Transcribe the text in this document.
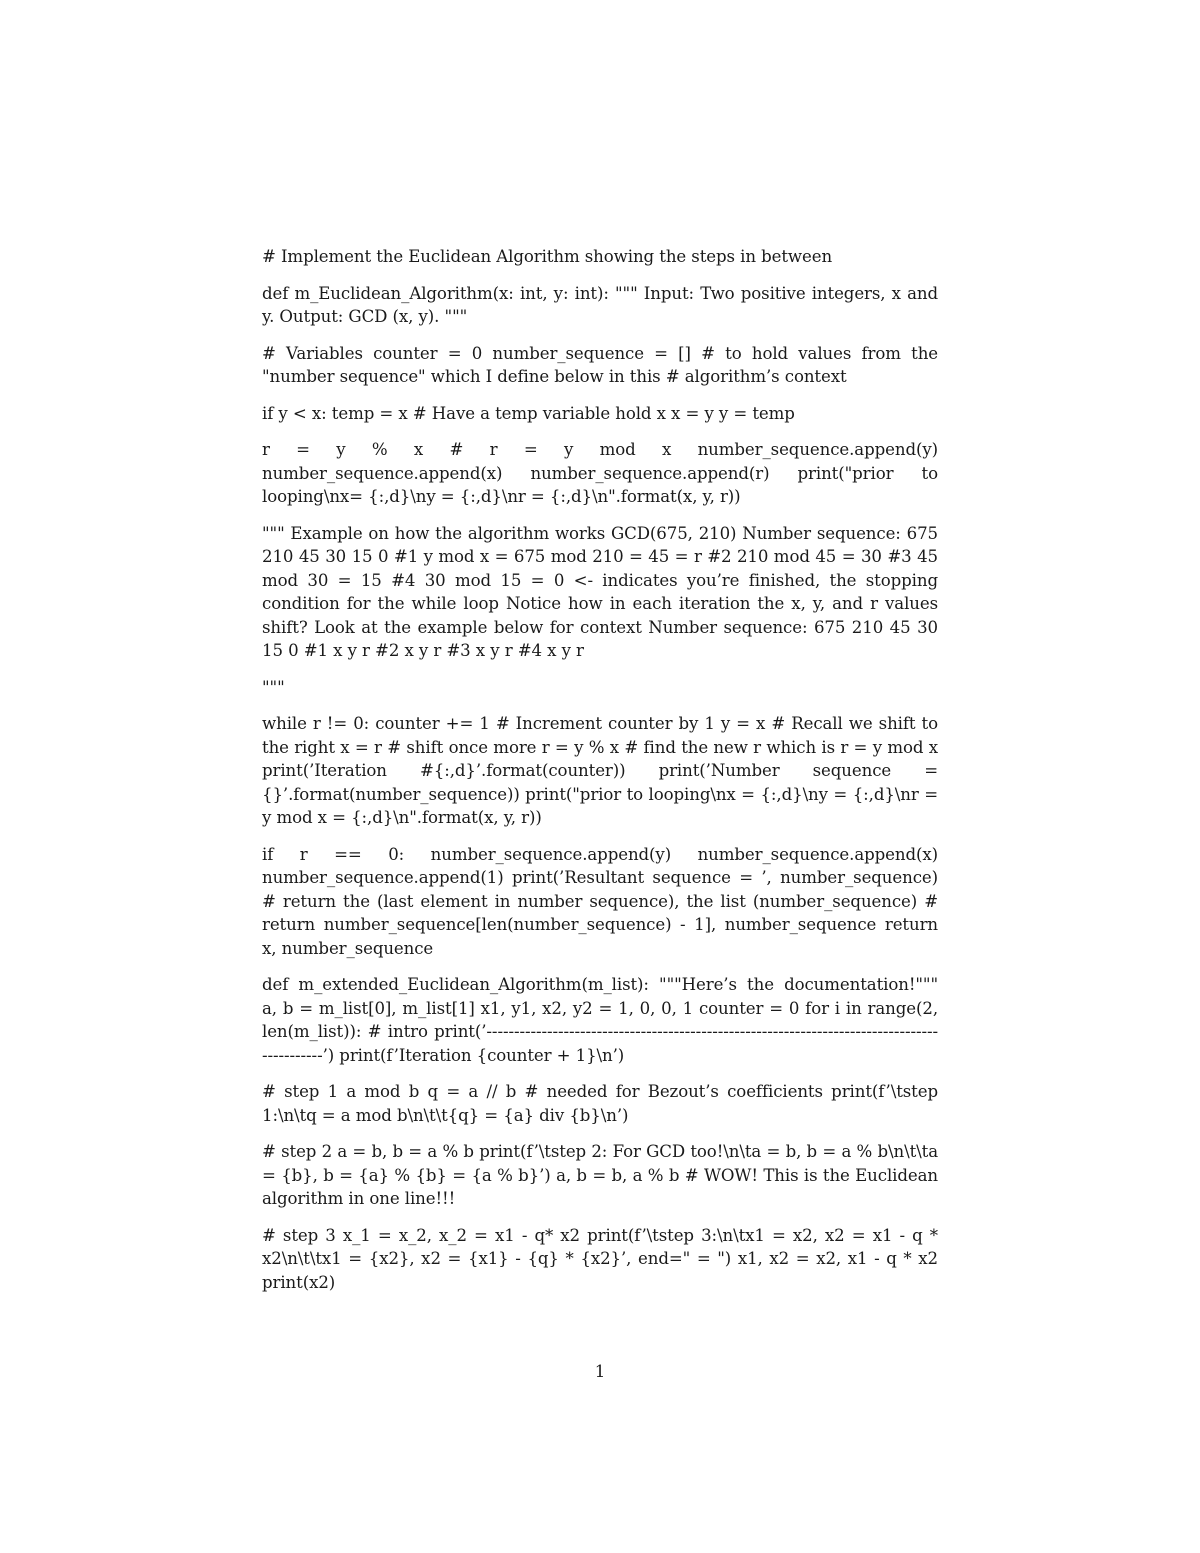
# Implement the Euclidean Algorithm showing the steps in between

def m_Euclidean_Algorithm(x: int, y: int): """ Input: Two positive integers, x and y. Output: GCD (x, y). """

# Variables counter = 0 number_sequence = [] # to hold values from the "number sequence" which I define below in this # algorithm’s context

if y < x: temp = x # Have a temp variable hold x x = y y = temp

r = y % x # r = y mod x number_sequence.append(y) number_sequence.append(x) number_sequence.append(r) print("prior to looping\nx= {:,d}\ny = {:,d}\nr = {:,d}\n".format(x, y, r))

""" Example on how the algorithm works GCD(675, 210) Number sequence: 675 210 45 30 15 0 #1 y mod x = 675 mod 210 = 45 = r #2 210 mod 45 = 30 #3 45 mod 30 = 15 #4 30 mod 15 = 0 <- indicates you’re finished, the stopping condition for the while loop Notice how in each iteration the x, y, and r values shift? Look at the example below for context Number sequence: 675 210 45 30 15 0 #1 x y r #2 x y r #3 x y r #4 x y r

"""

while r != 0: counter += 1 # Increment counter by 1 y = x # Recall we shift to the right x = r # shift once more r = y % x # find the new r which is r = y mod x print(’Iteration #{:,d}’.format(counter)) print(’Number sequence = {}’.format(number_sequence)) print("prior to looping\nx = {:,d}\ny = {:,d}\nr = y mod x = {:,d}\n".format(x, y, r))

if r == 0: number_sequence.append(y) number_sequence.append(x) number_sequence.append(1) print(’Resultant sequence = ’, number_sequence) # return the (last element in number sequence), the list (number_sequence) # return number_sequence[len(number_sequence) - 1], number_sequence return x, number_sequence

def m_extended_Euclidean_Algorithm(m_list): """Here’s the documentation!""" a, b = m_list[0], m_list[1] x1, y1, x2, y2 = 1, 0, 0, 1 counter = 0 for i in range(2, len(m_list)): # intro print(’---------------------------------------------------------------------------------------------’) print(f’Iteration {counter + 1}\n’)

# step 1 a mod b q = a // b # needed for Bezout’s coefficients print(f’\tstep 1:\n\tq = a mod b\n\t\t{q} = {a} div {b}\n’)

# step 2 a = b, b = a % b print(f’\tstep 2: For GCD too!\n\ta = b, b = a % b\n\t\ta = {b}, b = {a} % {b} = {a % b}’) a, b = b, a % b # WOW! This is the Euclidean algorithm in one line!!!

# step 3 x_1 = x_2, x_2 = x1 - q* x2 print(f’\tstep 3:\n\tx1 = x2, x2 = x1 - q * x2\n\t\tx1 = {x2}, x2 = {x1} - {q} * {x2}’, end=" = ") x1, x2 = x2, x1 - q * x2 print(x2)

1
